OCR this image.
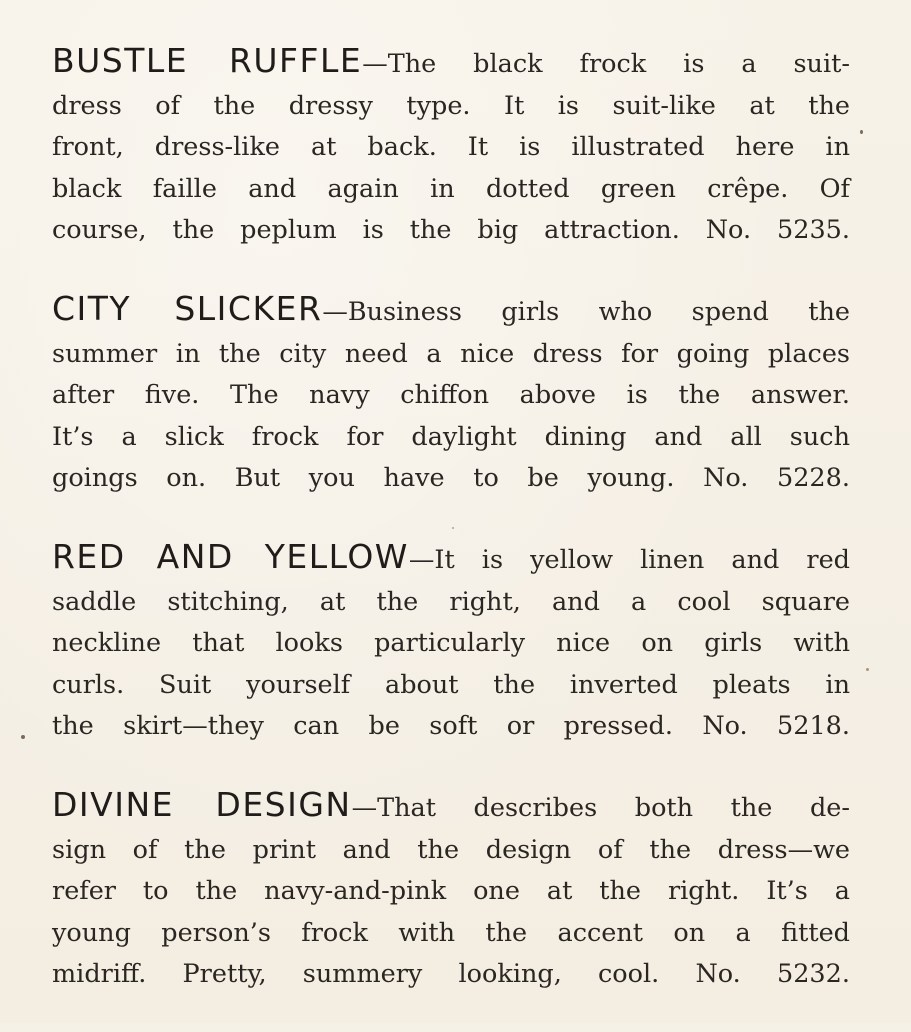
BUSTLE RUFFLE—The black frock is a suit-
dress of the dressy type. It is suit-like at the
front, dress-like at back. It is illustrated here in
black faille and again in dotted green crêpe. Of
course, the peplum is the big attraction. No. 5235.
CITY SLICKER—Business girls who spend the
summer in the city need a nice dress for going places
after five. The navy chiffon above is the answer.
It’s a slick frock for daylight dining and all such
goings on. But you have to be young. No. 5228.
RED AND YELLOW—It is yellow linen and red
saddle stitching, at the right, and a cool square
neckline that looks particularly nice on girls with
curls. Suit yourself about the inverted pleats in
the skirt—they can be soft or pressed. No. 5218.
DIVINE DESIGN—That describes both the de-
sign of the print and the design of the dress—we
refer to the navy-and-pink one at the right. It’s a
young person’s frock with the accent on a fitted
midriff. Pretty, summery looking, cool. No. 5232.
